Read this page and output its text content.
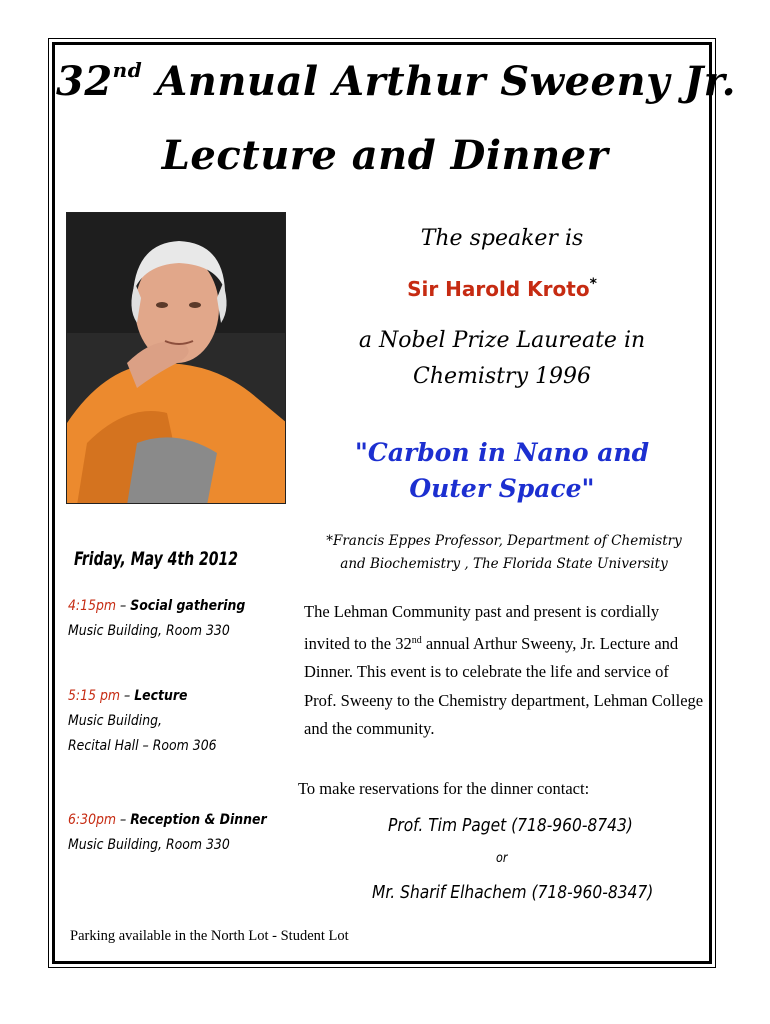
32nd Annual Arthur Sweeny Jr.
Lecture and Dinner
The speaker is
Sir Harold Kroto*
a Nobel Prize Laureate in
Chemistry 1996
"Carbon in Nano and
Outer Space"
*Francis Eppes Professor, Department of Chemistry
and Biochemistry , The Florida State University
Friday, May 4th 2012
4:15pm – Social gathering
Music Building, Room 330
5:15 pm – Lecture
Music Building,
Recital Hall – Room 306
6:30pm – Reception & Dinner
Music Building, Room 330
The Lehman Community past and present is cordially invited to the 32nd annual Arthur Sweeny, Jr. Lecture and Dinner. This event is to celebrate the life and service of Prof. Sweeny to the Chemistry department, Lehman College and the community.
To make reservations for the dinner contact:
Prof. Tim Paget (718-960-8743)
or
Mr. Sharif Elhachem (718-960-8347)
Parking available in the North Lot - Student Lot
